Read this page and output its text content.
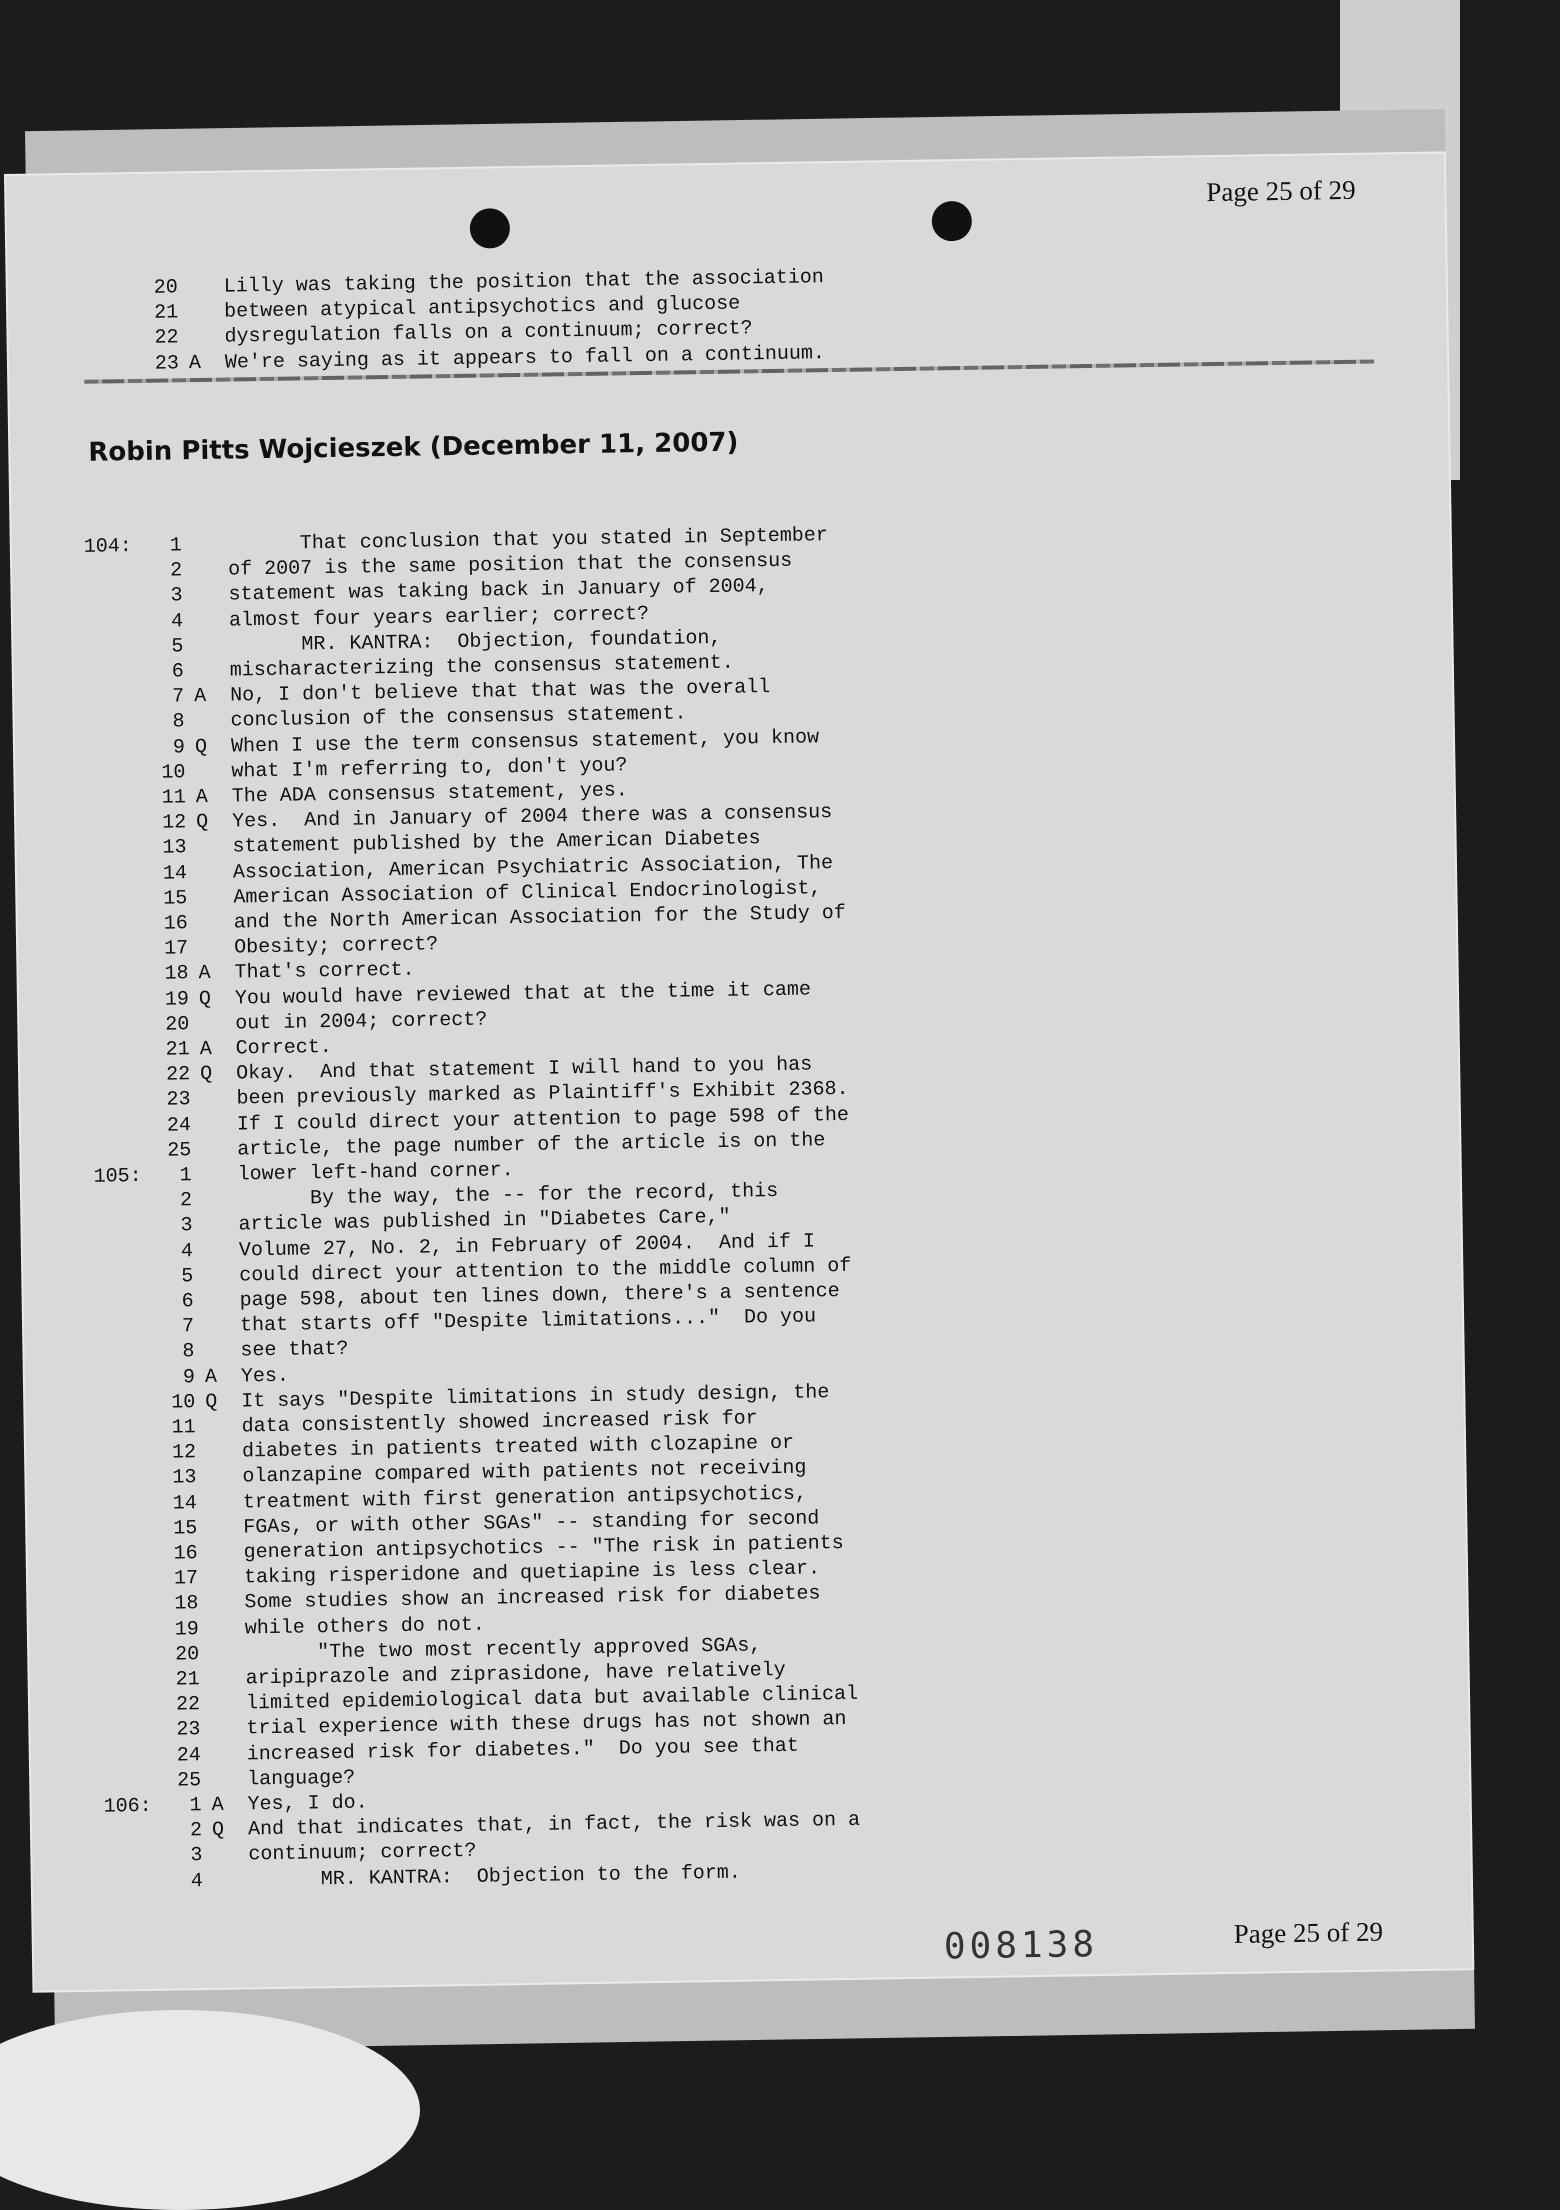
Page 25 of 29
20 Lilly was taking the position that the association
21 between atypical antipsychotics and glucose
22 dysregulation falls on a continuum; correct?
23 A We're saying as it appears to fall on a continuum.
Robin Pitts Wojcieszek (December 11, 2007)
104:	1	That conclusion that you stated in September
2 of 2007 is the same position that the consensus
3 statement was taking back in January of 2004,
4 almost four years earlier; correct?
5	MR. KANTRA:  Objection, foundation,
6 mischaracterizing the consensus statement.
7 A No, I don't believe that that was the overall
8 conclusion of the consensus statement.
9 Q When I use the term consensus statement, you know
10 what I'm referring to, don't you?
11 A The ADA consensus statement, yes.
12 Q Yes.  And in January of 2004 there was a consensus
13 statement published by the American Diabetes
14 Association, American Psychiatric Association, The
15 American Association of Clinical Endocrinologist,
16 and the North American Association for the Study of
17 Obesity; correct?
18 A That's correct.
19 Q You would have reviewed that at the time it came
20 out in 2004; correct?
21 A Correct.
22 Q Okay.  And that statement I will hand to you has
23 been previously marked as Plaintiff's Exhibit 2368.
24 If I could direct your attention to page 598 of the
25 article, the page number of the article is on the
105:	1 lower left-hand corner.
2	By the way, the -- for the record, this
3 article was published in "Diabetes Care,"
4 Volume 27, No. 2, in February of 2004.  And if I
5 could direct your attention to the middle column of
6 page 598, about ten lines down, there's a sentence
7 that starts off "Despite limitations..."  Do you
8 see that?
9 A Yes.
10 Q It says "Despite limitations in study design, the
11 data consistently showed increased risk for
12 diabetes in patients treated with clozapine or
13 olanzapine compared with patients not receiving
14 treatment with first generation antipsychotics,
15 FGAs, or with other SGAs" -- standing for second
16 generation antipsychotics -- "The risk in patients
17 taking risperidone and quetiapine is less clear.
18 Some studies show an increased risk for diabetes
19 while others do not.
20	"The two most recently approved SGAs,
21 aripiprazole and ziprasidone, have relatively
22 limited epidemiological data but available clinical
23 trial experience with these drugs has not shown an
24 increased risk for diabetes."  Do you see that
25 language?
106:	1 A Yes, I do.
2 Q And that indicates that, in fact, the risk was on a
3 continuum; correct?
4	MR. KANTRA:  Objection to the form.
008138	Page 25 of 29
